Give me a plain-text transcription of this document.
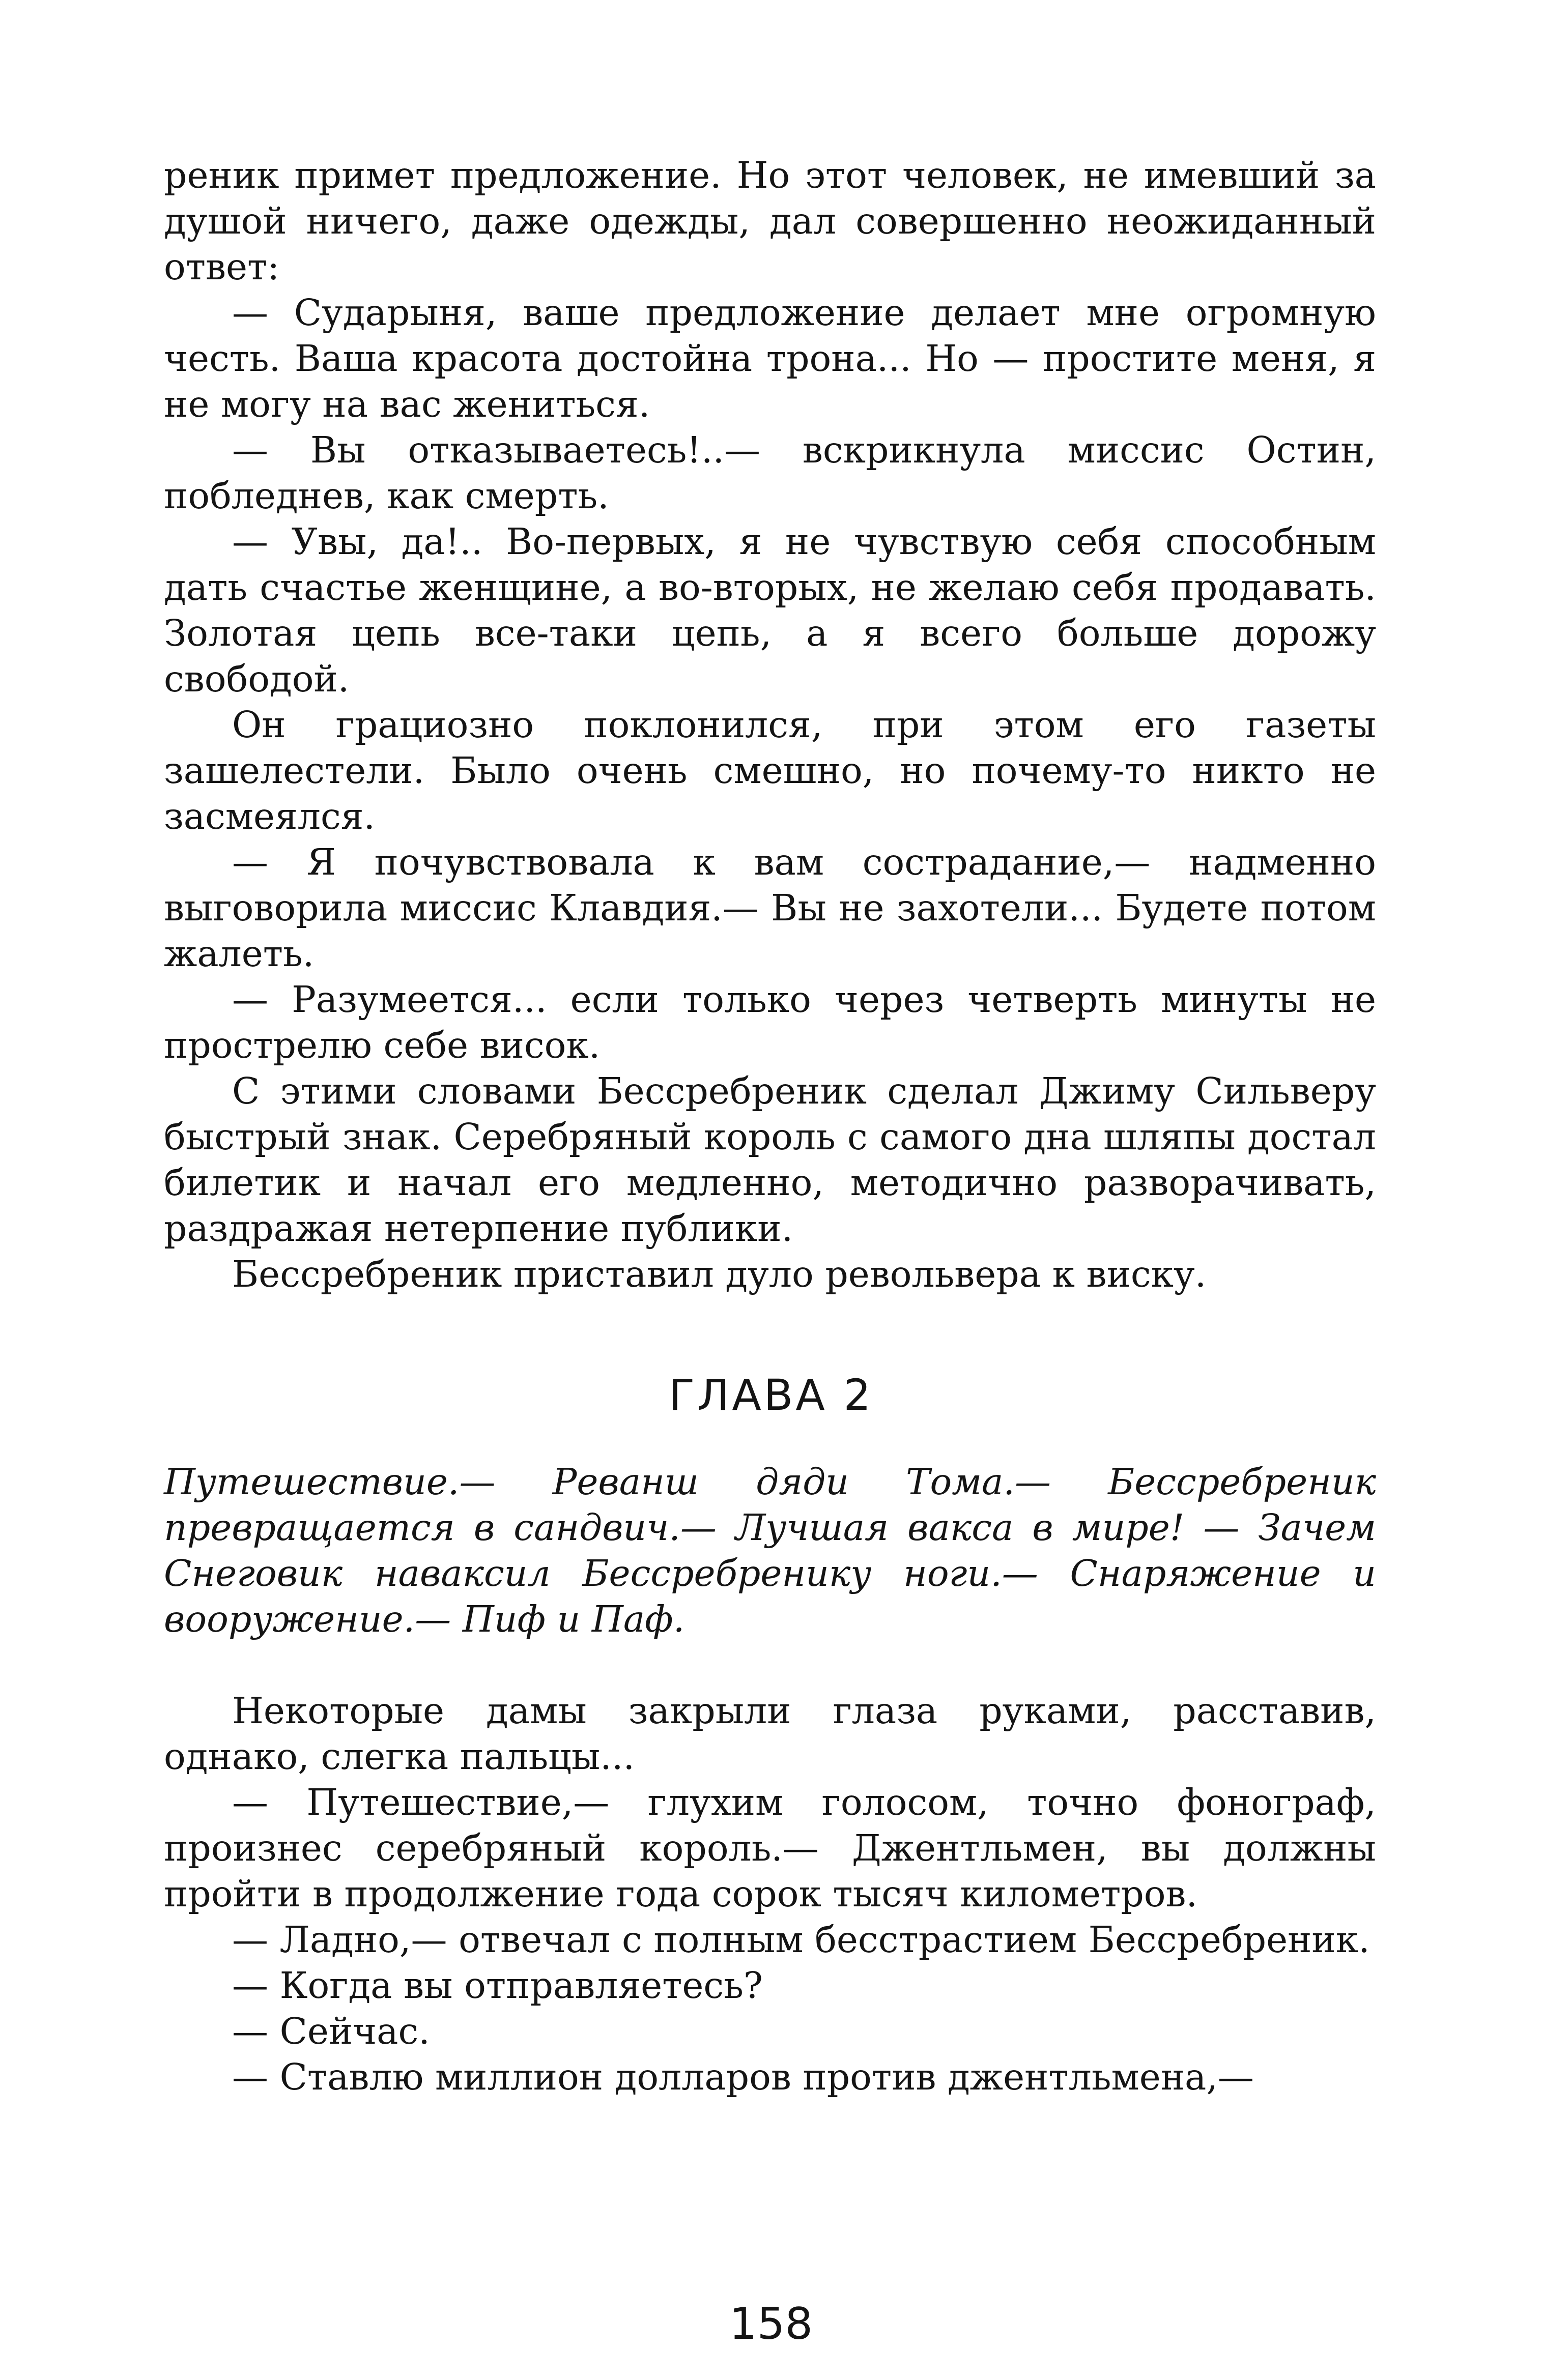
реник примет предложение. Но этот человек, не имевший за душой ничего, даже одежды, дал совершенно неожиданный ответ:

— Сударыня, ваше предложение делает мне огромную честь. Ваша красота достойна трона... Но — простите меня, я не могу на вас жениться.

— Вы отказываетесь!..— вскрикнула миссис Остин, побледнев, как смерть.

— Увы, да!.. Во-первых, я не чувствую себя способным дать счастье женщине, а во-вторых, не желаю себя продавать. Золотая цепь все-таки цепь, а я всего больше дорожу свободой.

Он грациозно поклонился, при этом его газеты зашелестели. Было очень смешно, но почему-то никто не засмеялся.

— Я почувствовала к вам сострадание,— надменно выговорила миссис Клавдия.— Вы не захотели... Будете потом жалеть.

— Разумеется... если только через четверть минуты не прострелю себе висок.

С этими словами Бессребреник сделал Джиму Сильверу быстрый знак. Серебряный король с самого дна шляпы достал билетик и начал его медленно, методично разворачивать, раздражая нетерпение публики.

Бессребреник приставил дуло револьвера к виску.

ГЛАВА 2

Путешествие.— Реванш дяди Тома.— Бессребреник превращается в сандвич.— Лучшая вакса в мире! — Зачем Снеговик наваксил Бессребренику ноги.— Снаряжение и вооружение.— Пиф и Паф.

Некоторые дамы закрыли глаза руками, расставив, однако, слегка пальцы...

— Путешествие,— глухим голосом, точно фонограф, произнес серебряный король.— Джентльмен, вы должны пройти в продолжение года сорок тысяч километров.

— Ладно,— отвечал с полным бесстрастием Бессребреник.

— Когда вы отправляетесь?

— Сейчас.

— Ставлю миллион долларов против джентльмена,—

158
